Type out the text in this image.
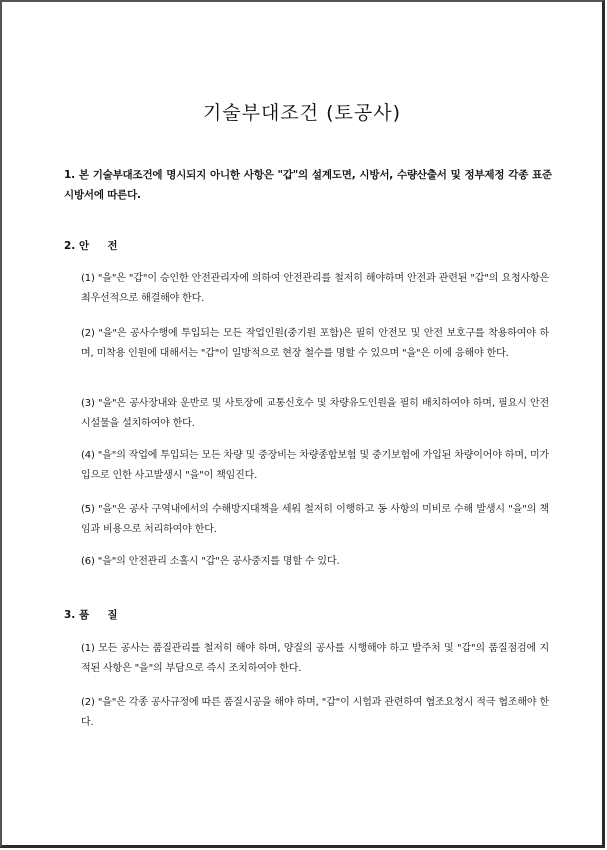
기술부대조건 (토공사)
1. 본 기술부대조건에 명시되지 아니한 사항은 "갑"의 설계도면, 시방서, 수량산출서 및 정부제정 각종 표준시방서에 따른다.
2. 안     전
(1) "을"은 "갑"이 승인한 안전관리자에 의하여 안전관리를 철저히 해야하며 안전과 관련된 "갑"의 요청사항은 최우선적으로 해결해야 한다.
(2) "을"은 공사수행에 투입되는 모든 작업인원(중기원 포함)은 필히 안전모 및 안전 보호구를 착용하여야 하며, 미착용 인원에 대해서는 "갑"이 일방적으로 현장 철수를 명할 수 있으며 "을"은 이에 응해야 한다.
(3) "을"은 공사장내와 운반로 및 사토장에 교통신호수 및 차량유도인원을 필히 배치하여야 하며, 필요시 안전시설물을 설치하여야 한다.
(4) "을"의 작업에 투입되는 모든 차량 및 중장비는 차량종합보험 및 중기보험에 가입된 차량이어야 하며, 미가입으로 인한 사고발생시 "을"이 책임진다.
(5) "을"은 공사 구역내에서의 수해방지대책을 세워 철저히 이행하고 동 사항의 미비로 수해 발생시 "을"의 책임과 비용으로 처리하여야 한다.
(6) "을"의 안전관리 소홀시 "갑"은 공사중지를 명할 수 있다.
3. 품     질
(1) 모든 공사는 품질관리를 철저히 해야 하며, 양질의 공사를 시행해야 하고 발주처 및 "갑"의 품질점검에 지적된 사항은 "을"의 부담으로 즉시 조치하여야 한다.
(2) "을"은 각종 공사규정에 따른 품질시공을 해야 하며, "갑"이 시험과 관련하여 협조요청시 적극 협조해야 한다.
